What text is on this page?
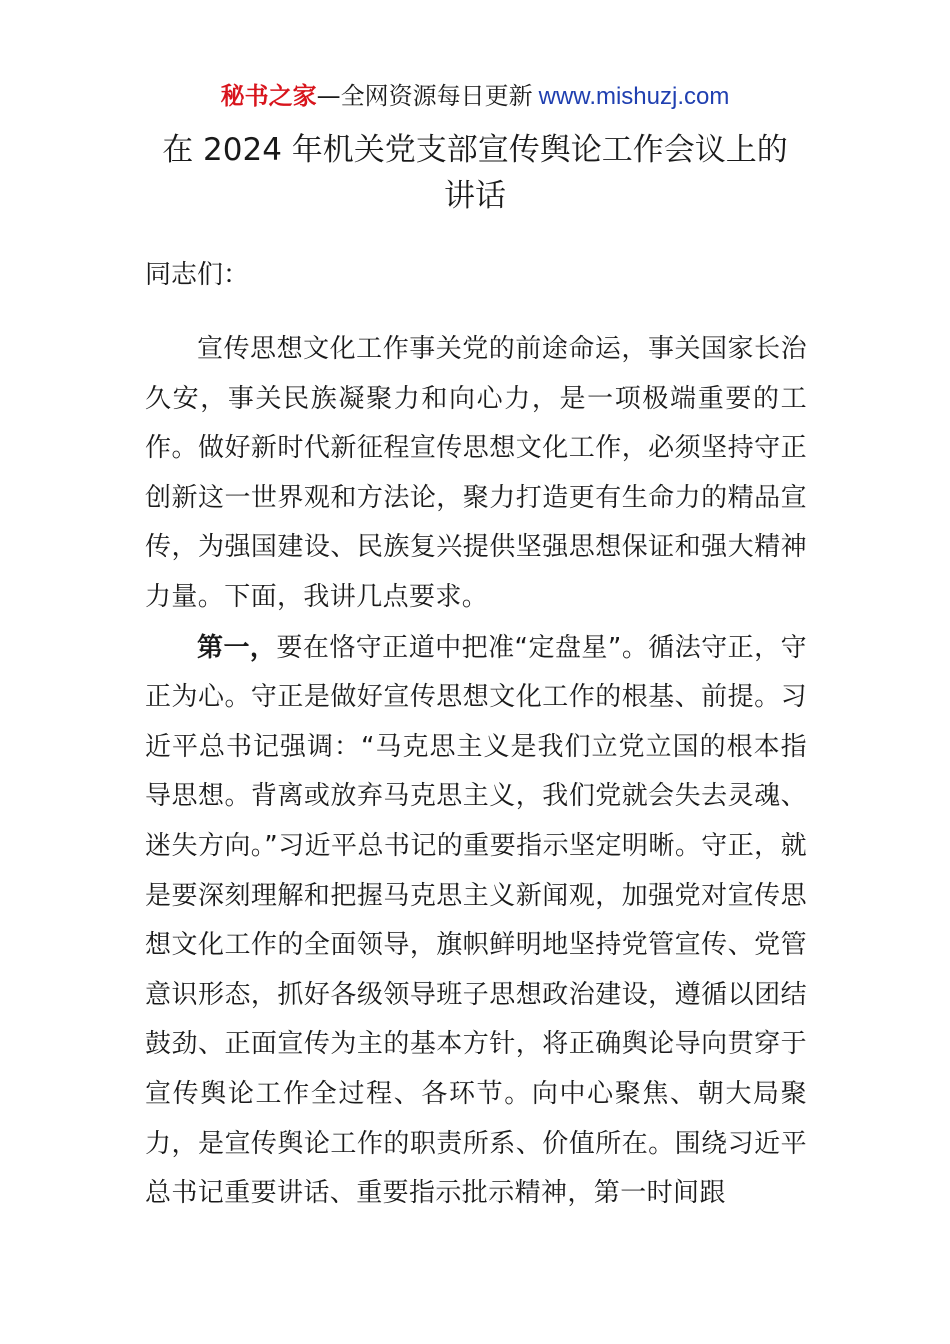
秘书之家—全网资源每日更新 www.mishuzj.com
在 2024 年机关党支部宣传舆论工作会议上的
讲话

同志们：

宣传思想文化工作事关党的前途命运，事关国家长治久安，事关民族凝聚力和向心力，是一项极端重要的工作。做好新时代新征程宣传思想文化工作，必须坚持守正创新这一世界观和方法论，聚力打造更有生命力的精品宣传，为强国建设、民族复兴提供坚强思想保证和强大精神力量。下面，我讲几点要求。

第一，要在恪守正道中把准“定盘星”。循法守正，守正为心。守正是做好宣传思想文化工作的根基、前提。习近平总书记强调：“马克思主义是我们立党立国的根本指导思想。背离或放弃马克思主义，我们党就会失去灵魂、迷失方向。”习近平总书记的重要指示坚定明晰。守正，就是要深刻理解和把握马克思主义新闻观，加强党对宣传思想文化工作的全面领导，旗帜鲜明地坚持党管宣传、党管意识形态，抓好各级领导班子思想政治建设，遵循以团结鼓劲、正面宣传为主的基本方针，将正确舆论导向贯穿于宣传舆论工作全过程、各环节。向中心聚焦、朝大局聚力，是宣传舆论工作的职责所系、价值所在。围绕习近平总书记重要讲话、重要指示批示精神，第一时间跟
